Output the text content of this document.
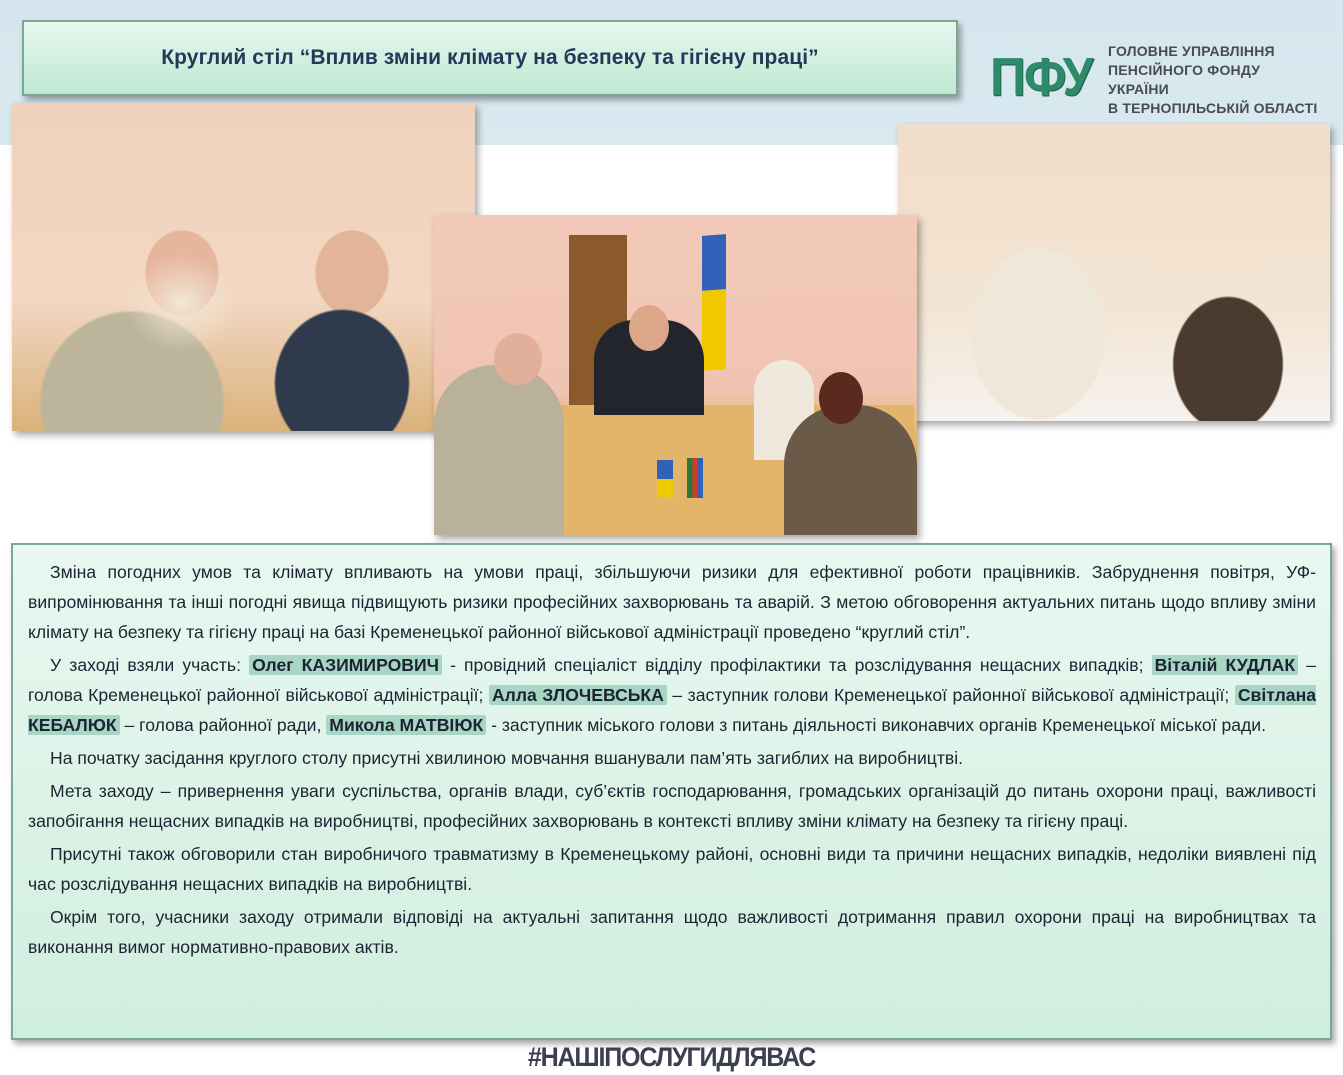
Круглий стіл “Вплив зміни клімату на безпеку та гігієну праці”	ПФУ ГОЛОВНЕ УПРАВЛІННЯ
ПЕНСІЙНОГО ФОНДУ УКРАЇНИ
В ТЕРНОПІЛЬСЬКІЙ ОБЛАСТІ

Зміна погодних умов та клімату впливають на умови праці, збільшуючи ризики для ефективної роботи працівників. Забруднення повітря, УФ-випромінювання та інші погодні явища підвищують ризики професійних захворювань та аварій. З метою обговорення актуальних питань щодо впливу зміни клімату на безпеку та гігієну праці на базі Кременецької районної військової адміністрації проведено “круглий стіл”.

У заході взяли участь: Олег КАЗИМИРОВИЧ - провідний спеціаліст відділу профілактики та розслідування нещасних випадків; Віталій КУДЛАК – голова Кременецької районної військової адміністрації; Алла ЗЛОЧЕВСЬКА – заступник голови Кременецької районної військової адміністрації; Світлана КЕБАЛЮК – голова районної ради, Микола МАТВІЮК - заступник міського голови з питань діяльності виконавчих органів Кременецької міської ради.

На початку засідання круглого столу присутні хвилиною мовчання вшанували пам’ять загиблих на виробництві.

Мета заходу – привернення уваги суспільства, органів влади, суб’єктів господарювання, громадських організацій до питань охорони праці, важливості запобігання нещасних випадків на виробництві, професійних захворювань в контексті впливу зміни клімату на безпеку та гігієну праці.

Присутні також обговорили стан виробничого травматизму в Кременецькому районі, основні види та причини нещасних випадків, недоліки виявлені під час розслідування нещасних випадків на виробництві.

Окрім того, учасники заходу отримали відповіді на актуальні запитання щодо важливості дотримання правил охорони праці на виробництвах та виконання вимог нормативно-правових актів.

#НАШІПОСЛУГИДЛЯВАС
